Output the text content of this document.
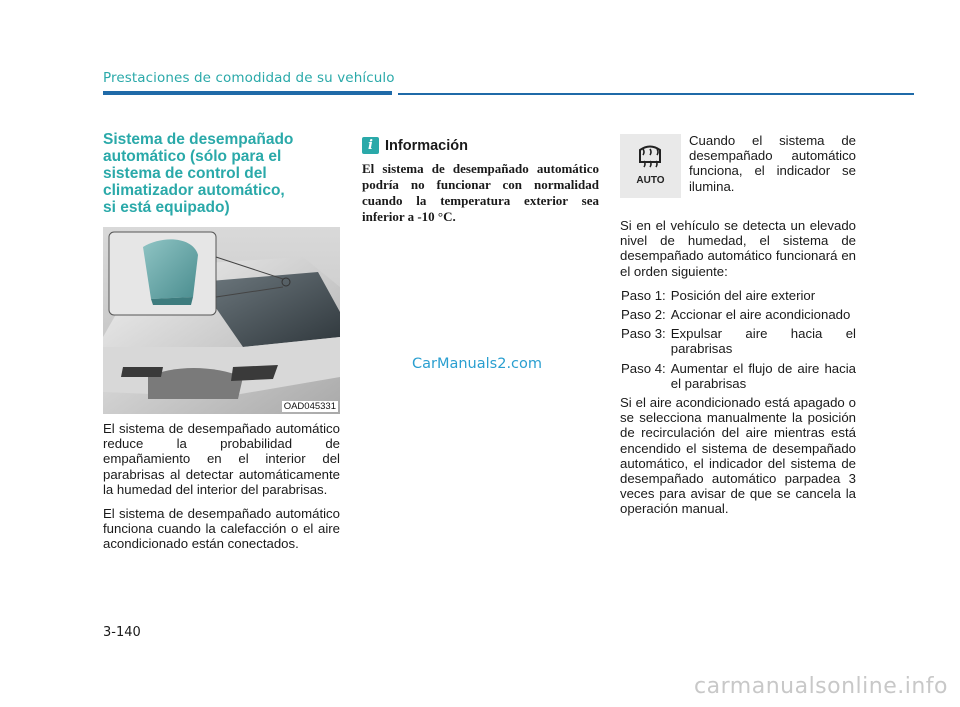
Prestaciones de comodidad de su vehículo
Sistema de desempañado
automático (sólo para el
sistema de control del
climatizador automático,
si está equipado)
OAD045331

El sistema de desempañado automático reduce la probabilidad de empañamiento en el interior del parabrisas al detectar automáticamente la humedad del interior del parabrisas.

El sistema de desempañado automático funciona cuando la calefacción o el aire acondicionado están conectados.

i Información
El sistema de desempañado automático podría no funcionar con normalidad cuando la temperatura exterior sea inferior a -10 °C.
CarManuals2.com
AUTO
Cuando el sistema de desempañado automático funciona, el indicador se ilumina.

Si en el vehículo se detecta un elevado nivel de humedad, el sistema de desempañado automático funcionará en el orden siguiente:

Paso 1: Posición del aire exterior
Paso 2: Accionar el aire acondicionado
Paso 3: Expulsar aire hacia el parabrisas
Paso 4: Aumentar el flujo de aire hacia el parabrisas

Si el aire acondicionado está apagado o se selecciona manualmente la posición de recirculación del aire mientras está encendido el sistema de desempañado automático, el indicador del sistema de desempañado automático parpadea 3 veces para avisar de que se cancela la operación manual.

3-140
carmanualsonline.info
